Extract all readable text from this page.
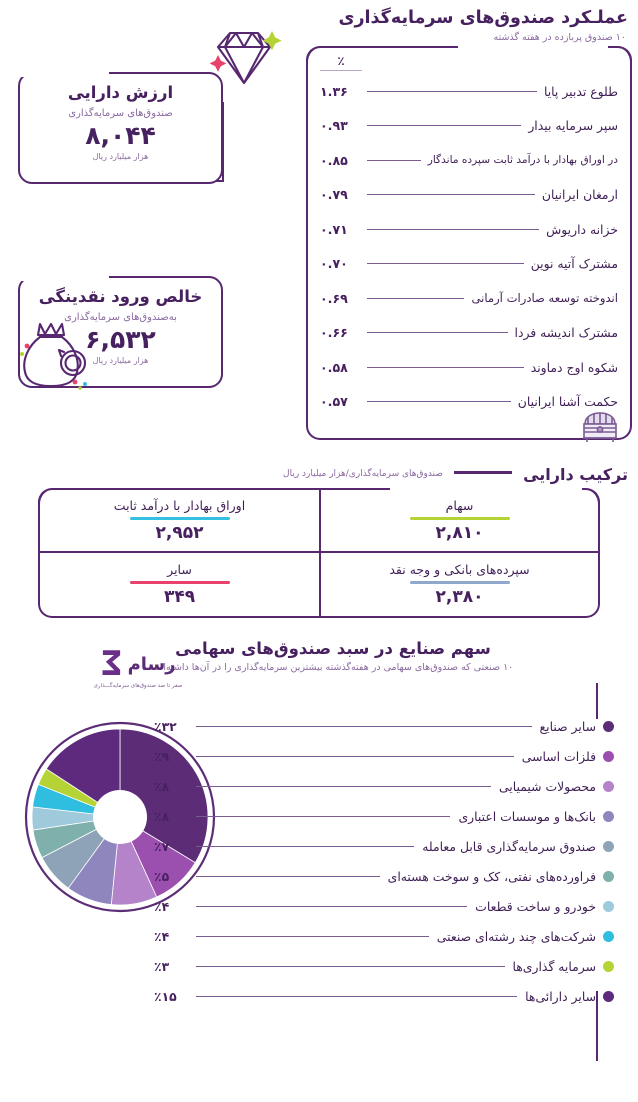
ارزش دارایی
صندوق‌های سرمایه‌گذاری
۸,۰۴۴
هزار میلیارد ریال
خالص ورود نقدینگی
به‌صندوق‌های سرمایه‌گذاری
۶,۵۳۲
هزار میلیارد ریال
عملـکرد صندوق‌های سرمایه‌گذاری
۱۰ صندوق پربازده در هفته گذشته
٪
طلوع تدبیر پایا
۱.۳۶
سپر سرمایه بیدار
۰.۹۳
در اوراق بهادار با درآمد ثابت سپرده ماندگار
۰.۸۵
ارمغان ایرانیان
۰.۷۹
خزانه داریوش
۰.۷۱
مشترک آتیه نوین
۰.۷۰
اندوخته توسعه صادرات آرمانی
۰.۶۹
مشترک اندیشه فردا
۰.۶۶
شکوه اوج دماوند
۰.۵۸
حکمت آشنا ایرانیان
۰.۵۷
ترکیب دارایی  صندوق‌های سرمایه‌گذاری/هزار میلیارد ریال
سهام
۲,۸۱۰
اوراق بهادار با درآمد ثابت
۲,۹۵۲
سپرده‌های بانکی و وجه نقد
۲,۳۸۰
سایر
۳۴۹
سهم صنایع در سبد صندوق‌های سهامی
۱۰ صنعتی که صندوق‌های سهامی در هفته‌گذشته بیشترین سرمایه‌گذاری را در آن‌ها داشته‌اند.
رسام
Σ
صفر تا صد صندوق‌های سرمایه‌گـــذاری
سایر صنایع
٪۳۲
فلزات اساسی
٪۹
محصولات شیمیایی
٪۸
بانک‌ها و موسسات اعتباری
٪۸
صندوق سرمایه‌گذاری قابل معامله
٪۷
فراورده‌های نفتی، کک و سوخت هسته‌ای
٪۵
خودرو و ساخت قطعات
٪۴
شرکت‌های چند رشته‌ای صنعتی
٪۴
سرمایه گذاری‌ها
٪۳
سایر دارائی‌ها
٪۱۵
